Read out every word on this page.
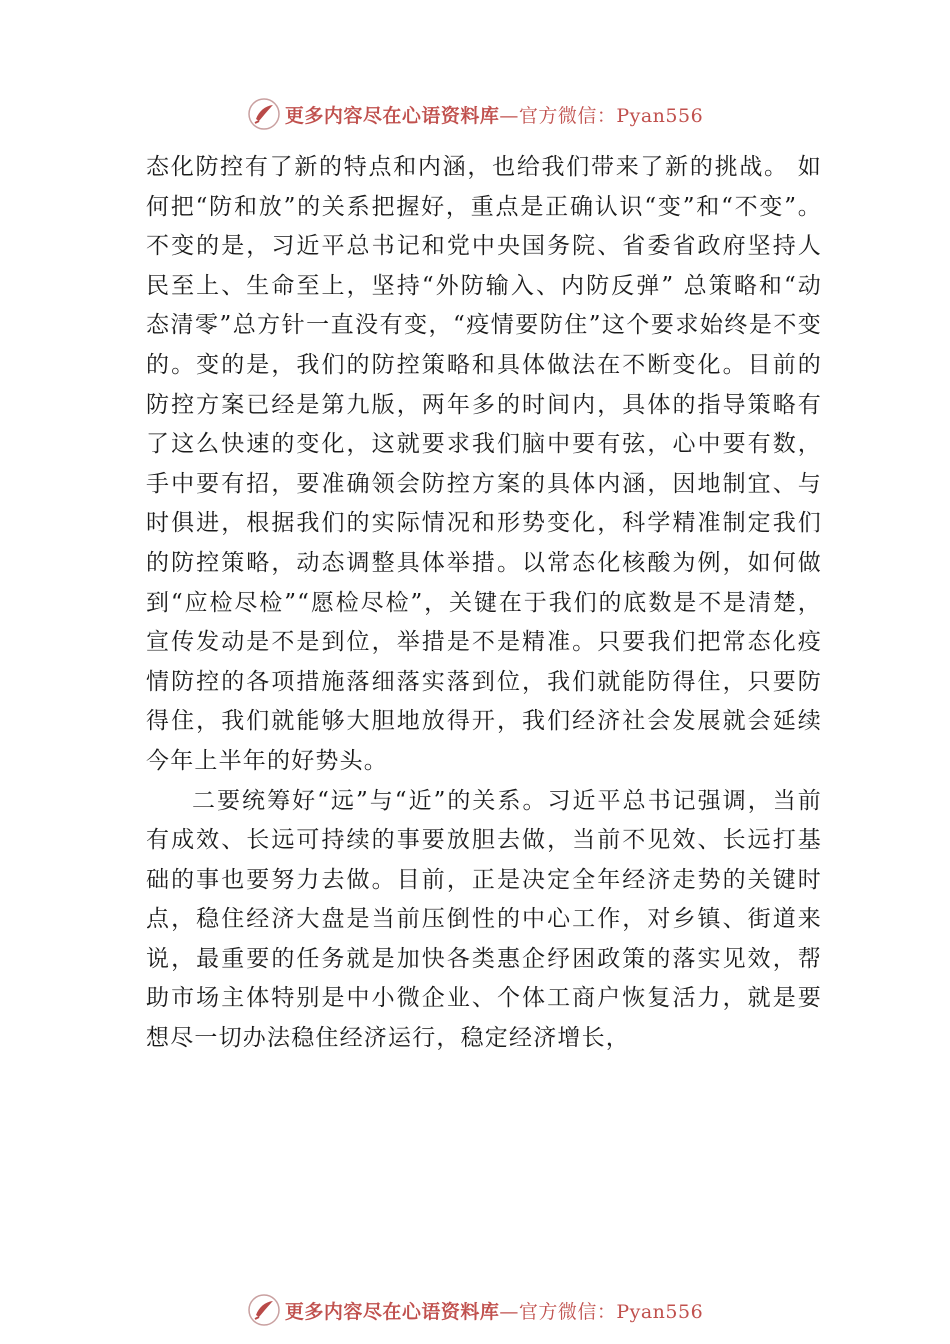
更多内容尽在心语资料库—官方微信：Pyan556

态化防控有了新的特点和内涵，也给我们带来了新的挑战。 如何把“防和放”的关系把握好，重点是正确认识“变”和“不变”。不变的是，习近平总书记和党中央国务院、省委省政府坚持人民至上、生命至上，坚持“外防输入、内防反弹” 总策略和“动态清零”总方针一直没有变，“疫情要防住”这个要求始终是不变的。变的是，我们的防控策略和具体做法在不断变化。目前的防控方案已经是第九版，两年多的时间内，具体的指导策略有了这么快速的变化，这就要求我们脑中要有弦，心中要有数，手中要有招，要准确领会防控方案的具体内涵，因地制宜、与时俱进，根据我们的实际情况和形势变化，科学精准制定我们的防控策略，动态调整具体举措。以常态化核酸为例，如何做到“应检尽检”“愿检尽检”，关键在于我们的底数是不是清楚，宣传发动是不是到位，举措是不是精准。只要我们把常态化疫情防控的各项措施落细落实落到位，我们就能防得住，只要防得住，我们就能够大胆地放得开，我们经济社会发展就会延续今年上半年的好势头。

二要统筹好“远”与“近”的关系。习近平总书记强调，当前有成效、长远可持续的事要放胆去做，当前不见效、长远打基础的事也要努力去做。目前，正是决定全年经济走势的关键时点，稳住经济大盘是当前压倒性的中心工作，对乡镇、街道来说，最重要的任务就是加快各类惠企纾困政策的落实见效，帮助市场主体特别是中小微企业、个体工商户恢复活力，就是要想尽一切办法稳住经济运行，稳定经济增长，

更多内容尽在心语资料库—官方微信：Pyan556
